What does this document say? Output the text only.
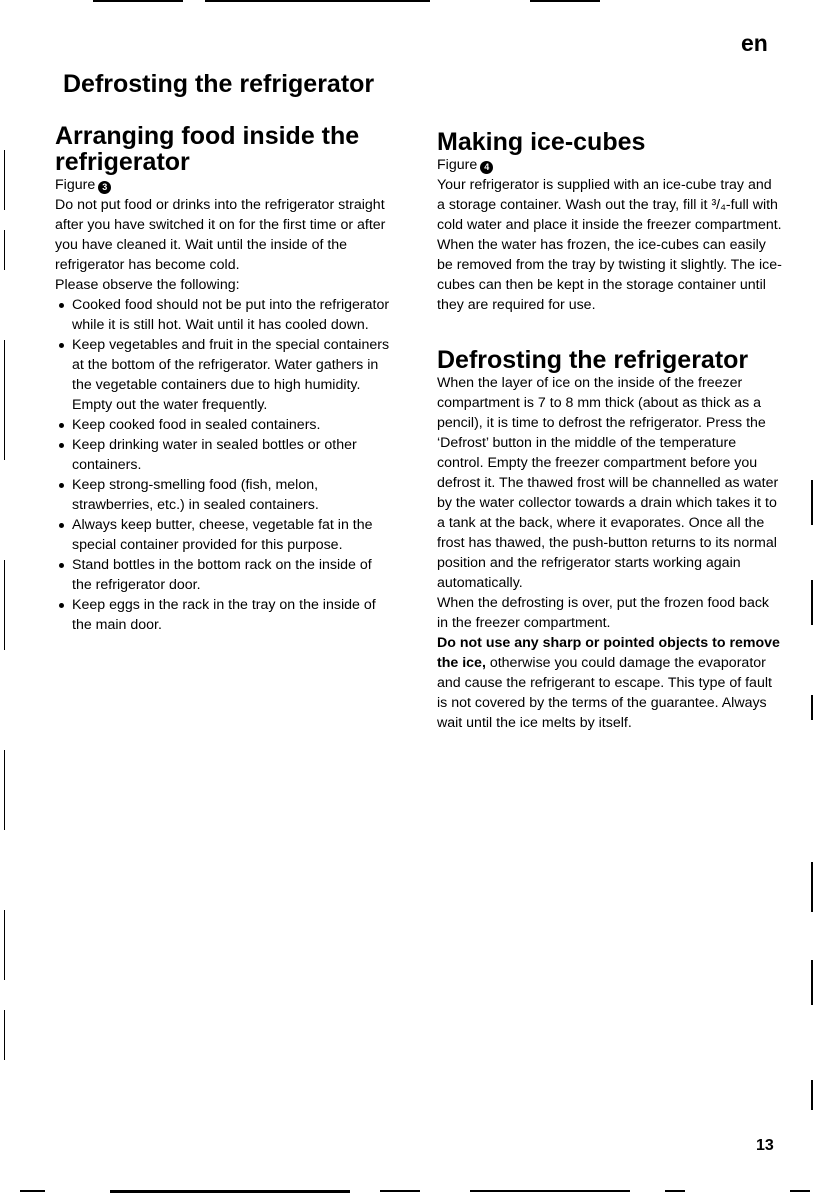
en
Defrosting the refrigerator
Arranging food inside the
refrigerator
Figure 3

Do not put food or drinks into the refrigerator straight after you have switched it on for the first time or after you have cleaned it. Wait until the inside of the refrigerator has become cold.

Please observe the following:

Cooked food should not be put into the refrigerator while it is still hot. Wait until it has cooled down.
Keep vegetables and fruit in the special containers at the bottom of the refrigerator. Water gathers in the vegetable containers due to high humidity. Empty out the water frequently.
Keep cooked food in sealed containers.
Keep drinking water in sealed bottles or other containers.
Keep strong-smelling food (fish, melon, strawberries, etc.) in sealed containers.
Always keep butter, cheese, vegetable fat in the special container provided for this purpose.
Stand bottles in the bottom rack on the inside of the refrigerator door.
Keep eggs in the rack in the tray on the inside of the main door.
Making ice-cubes
Figure 4

Your refrigerator is supplied with an ice-cube tray and a storage container. Wash out the tray, fill it ³/₄-full with cold water and place it inside the freezer compartment. When the water has frozen, the ice-cubes can easily be removed from the tray by twisting it slightly. The ice-cubes can then be kept in the storage container until they are required for use.

Defrosting the refrigerator

When the layer of ice on the inside of the freezer compartment is 7 to 8 mm thick (about as thick as a pencil), it is time to defrost the refrigerator. Press the ‘Defrost’ button in the middle of the temperature control. Empty the freezer compartment before you defrost it. The thawed frost will be channelled as water by the water collector towards a drain which takes it to a tank at the back, where it evaporates. Once all the frost has thawed, the push-button returns to its normal position and the refrigerator starts working again automatically.

When the defrosting is over, put the frozen food back in the freezer compartment.

Do not use any sharp or pointed objects to remove the ice, otherwise you could damage the evaporator and cause the refrigerant to escape. This type of fault is not covered by the terms of the guarantee. Always wait until the ice melts by itself.

13
